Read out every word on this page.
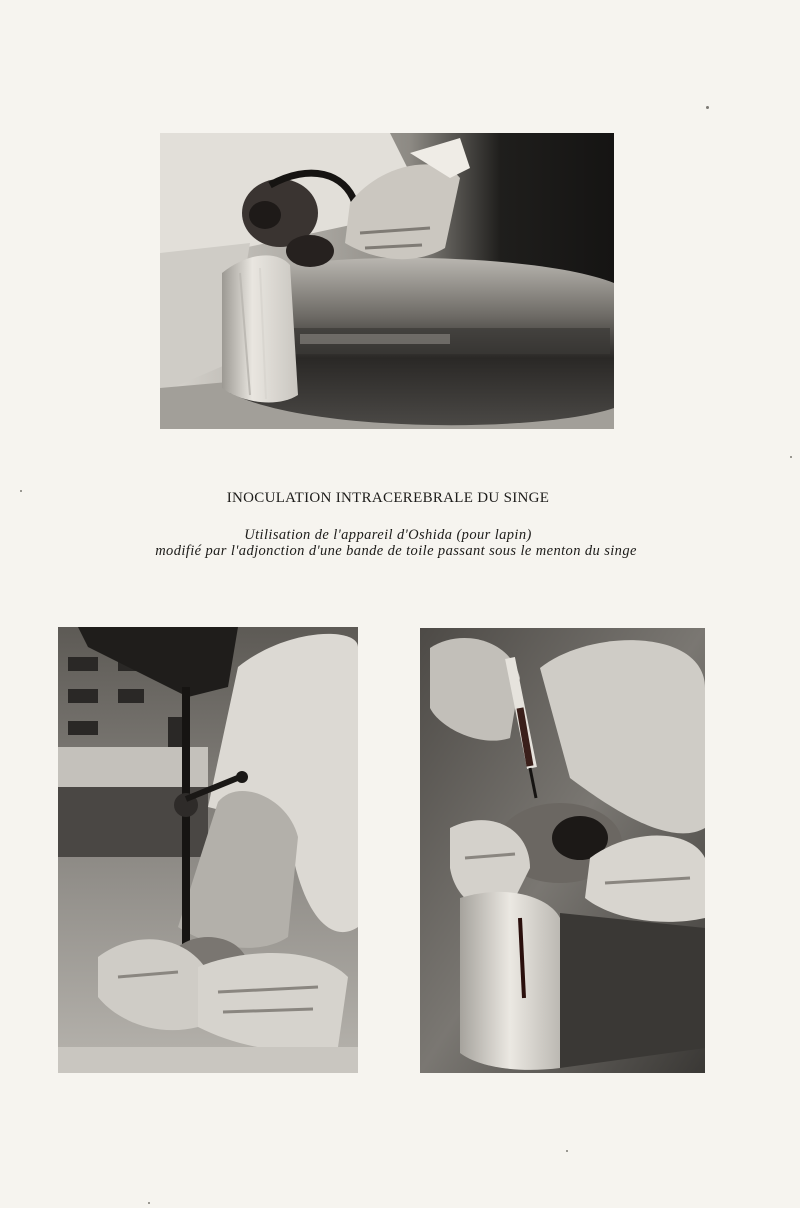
INOCULATION INTRACEREBRALE DU SINGE
Utilisation de l'appareil d'Oshida (pour lapin)
modifié par l'adjonction d'une bande de toile passant sous le menton du singe
